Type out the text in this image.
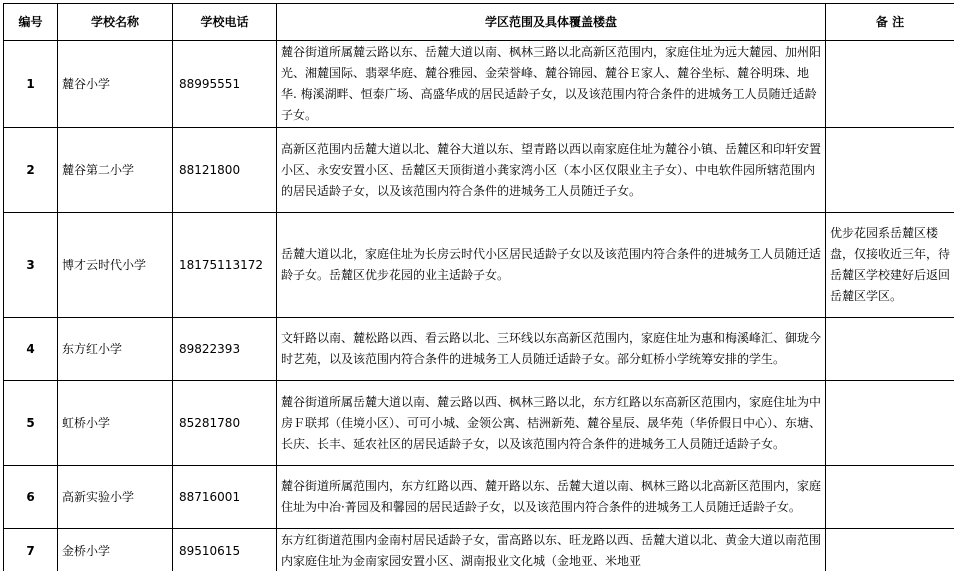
编号	学校名称	学校电话	学区范围及具体覆盖楼盘	备 注
1	麓谷小学	88995551	麓谷街道所属麓云路以东、岳麓大道以南、枫林三路以北高新区范围内，家庭住址为远大麓园、加州阳光、湘麓国际、翡翠华庭、麓谷雅园、金荣誉峰、麓谷锦园、麓谷Ｅ家人、麓谷坐标、麓谷明珠、地华. 梅溪湖畔、恒泰广场、高盛华成的居民适龄子女，以及该范围内符合条件的进城务工人员随迁适龄子女。	
2	麓谷第二小学	88121800	高新区范围内岳麓大道以北、麓谷大道以东、望青路以西以南家庭住址为麓谷小镇、岳麓区和印轩安置小区、永安安置小区、岳麓区天顶街道小龚家湾小区（本小区仅限业主子女）、中电软件园所辖范围内的居民适龄子女，以及该范围内符合条件的进城务工人员随迁子女。	
3	博才云时代小学	18175113172	岳麓大道以北，家庭住址为长房云时代小区居民适龄子女以及该范围内符合条件的进城务工人员随迁适龄子女。岳麓区优步花园的业主适龄子女。	优步花园系岳麓区楼盘，仅接收近三年，待岳麓区学校建好后返回岳麓区学区。
4	东方红小学	89822393	文轩路以南、麓松路以西、看云路以北、三环线以东高新区范围内，家庭住址为惠和梅溪峰汇、御珑今时艺苑，以及该范围内符合条件的进城务工人员随迁适龄子女。部分虹桥小学统筹安排的学生。	
5	虹桥小学	85281780	麓谷街道所属岳麓大道以南、麓云路以西、枫林三路以北，东方红路以东高新区范围内，家庭住址为中房Ｆ联邦（佳境小区）、可可小城、金领公寓、桔洲新苑、麓谷星辰、晟华苑（华侨假日中心）、东塘、长庆、长丰、延农社区的居民适龄子女，以及该范围内符合条件的进城务工人员随迁适龄子女。	
6	高新实验小学	88716001	麓谷街道所属范围内，东方红路以西、麓开路以东、岳麓大道以南、枫林三路以北高新区范围内，家庭住址为中冶·菁园及和馨园的居民适龄子女，以及该范围内符合条件的进城务工人员随迁适龄子女。	
7	金桥小学	89510615	东方红街道范围内金南村居民适龄子女，雷高路以东、旺龙路以西、岳麓大道以北、黄金大道以南范围内家庭住址为金南家园安置小区、湖南报业文化城（金地亚、米地亚	
